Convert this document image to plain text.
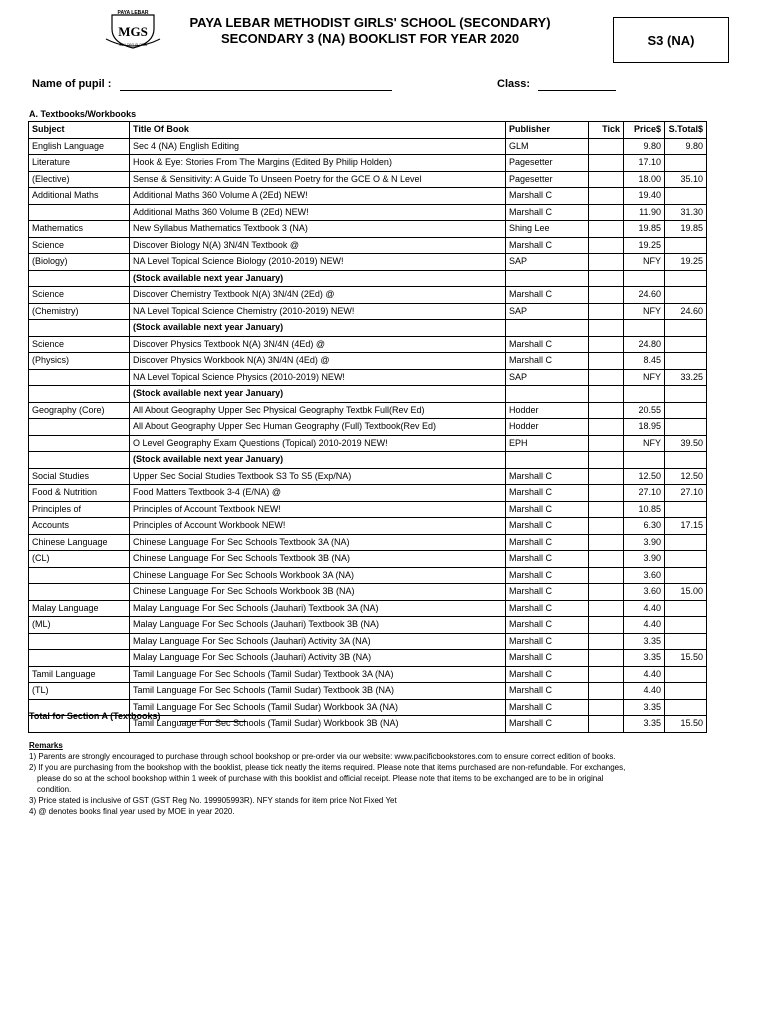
PAYA LEBAR
MGS
SOLI DEO GLORIA
PAYA LEBAR METHODIST GIRLS' SCHOOL (SECONDARY)
SECONDARY 3 (NA) BOOKLIST FOR YEAR 2020	S3 (NA)
Name of pupil :	Class:
A. Textbooks/Workbooks
Subject	Title Of Book	Publisher	Tick	Price$	S.Total$
English Language	Sec 4 (NA) English Editing	GLM		9.80	9.80
Literature	Hook & Eye: Stories From The Margins (Edited By Philip Holden)	Pagesetter		17.10	
(Elective)	Sense & Sensitivity: A Guide To Unseen Poetry for the GCE O & N Level	Pagesetter		18.00	35.10
Additional Maths	Additional Maths 360 Volume A (2Ed) NEW!	Marshall C		19.40	
	Additional Maths 360 Volume B (2Ed) NEW!	Marshall C		11.90	31.30
Mathematics	New Syllabus Mathematics Textbook 3 (NA)	Shing Lee		19.85	19.85
Science	Discover Biology N(A) 3N/4N Textbook @	Marshall C		19.25	
(Biology)	NA Level Topical Science Biology (2010-2019) NEW!	SAP		NFY	19.25
	(Stock available next year January)				
Science	Discover Chemistry Textbook N(A) 3N/4N (2Ed) @	Marshall C		24.60	
(Chemistry)	NA Level Topical Science Chemistry (2010-2019) NEW!	SAP		NFY	24.60
	(Stock available next year January)				
Science	Discover Physics Textbook N(A) 3N/4N (4Ed) @	Marshall C		24.80	
(Physics)	Discover Physics Workbook N(A) 3N/4N (4Ed) @	Marshall C		8.45	
	NA Level Topical Science Physics (2010-2019) NEW!	SAP		NFY	33.25
	(Stock available next year January)				
Geography (Core)	All About Geography Upper Sec Physical Geography Textbk Full(Rev Ed)	Hodder		20.55	
	All About Geography Upper Sec Human Geography (Full) Textbook(Rev Ed)	Hodder		18.95	
	O Level Geography Exam Questions (Topical) 2010-2019 NEW!	EPH		NFY	39.50
	(Stock available next year January)				
Social Studies	Upper Sec Social Studies Textbook S3 To S5 (Exp/NA)	Marshall C		12.50	12.50
Food & Nutrition	Food Matters Textbook 3-4 (E/NA) @	Marshall C		27.10	27.10
Principles of	Principles of Account Textbook NEW!	Marshall C		10.85	
Accounts	Principles of Account Workbook NEW!	Marshall C		6.30	17.15
Chinese Language	Chinese Language For Sec Schools Textbook 3A (NA)	Marshall C		3.90	
(CL)	Chinese Language For Sec Schools Textbook 3B (NA)	Marshall C		3.90	
	Chinese Language For Sec Schools Workbook 3A (NA)	Marshall C		3.60	
	Chinese Language For Sec Schools Workbook 3B (NA)	Marshall C		3.60	15.00
Malay Language	Malay Language For Sec Schools (Jauhari) Textbook 3A (NA)	Marshall C		4.40	
(ML)	Malay Language For Sec Schools (Jauhari) Textbook 3B (NA)	Marshall C		4.40	
	Malay Language For Sec Schools (Jauhari) Activity 3A (NA)	Marshall C		3.35	
	Malay Language For Sec Schools (Jauhari) Activity 3B (NA)	Marshall C		3.35	15.50
Tamil Language	Tamil Language For Sec Schools (Tamil Sudar) Textbook 3A (NA)	Marshall C		4.40	
(TL)	Tamil Language For Sec Schools (Tamil Sudar) Textbook 3B (NA)	Marshall C		4.40	
	Tamil Language For Sec Schools (Tamil Sudar) Workbook 3A (NA)	Marshall C		3.35	
	Tamil Language For Sec Schools (Tamil Sudar) Workbook 3B (NA)	Marshall C		3.35	15.50
Total for Section A (Textbooks)
Remarks
1) Parents are strongly encouraged to purchase through school bookshop or pre-order via our website: www.pacificbookstores.com to ensure correct edition of books.
2) If you are purchasing from the bookshop with the booklist, please tick neatly the items required. Please note that items purchased are non-refundable. For exchanges,
please do so at the school bookshop within 1 week of purchase with this booklist and official receipt. Please note that items to be exchanged are to be in original
condition.
3) Price stated is inclusive of GST (GST Reg No. 199905993R). NFY stands for item price Not Fixed Yet
4) @ denotes books final year used by MOE in year 2020.
